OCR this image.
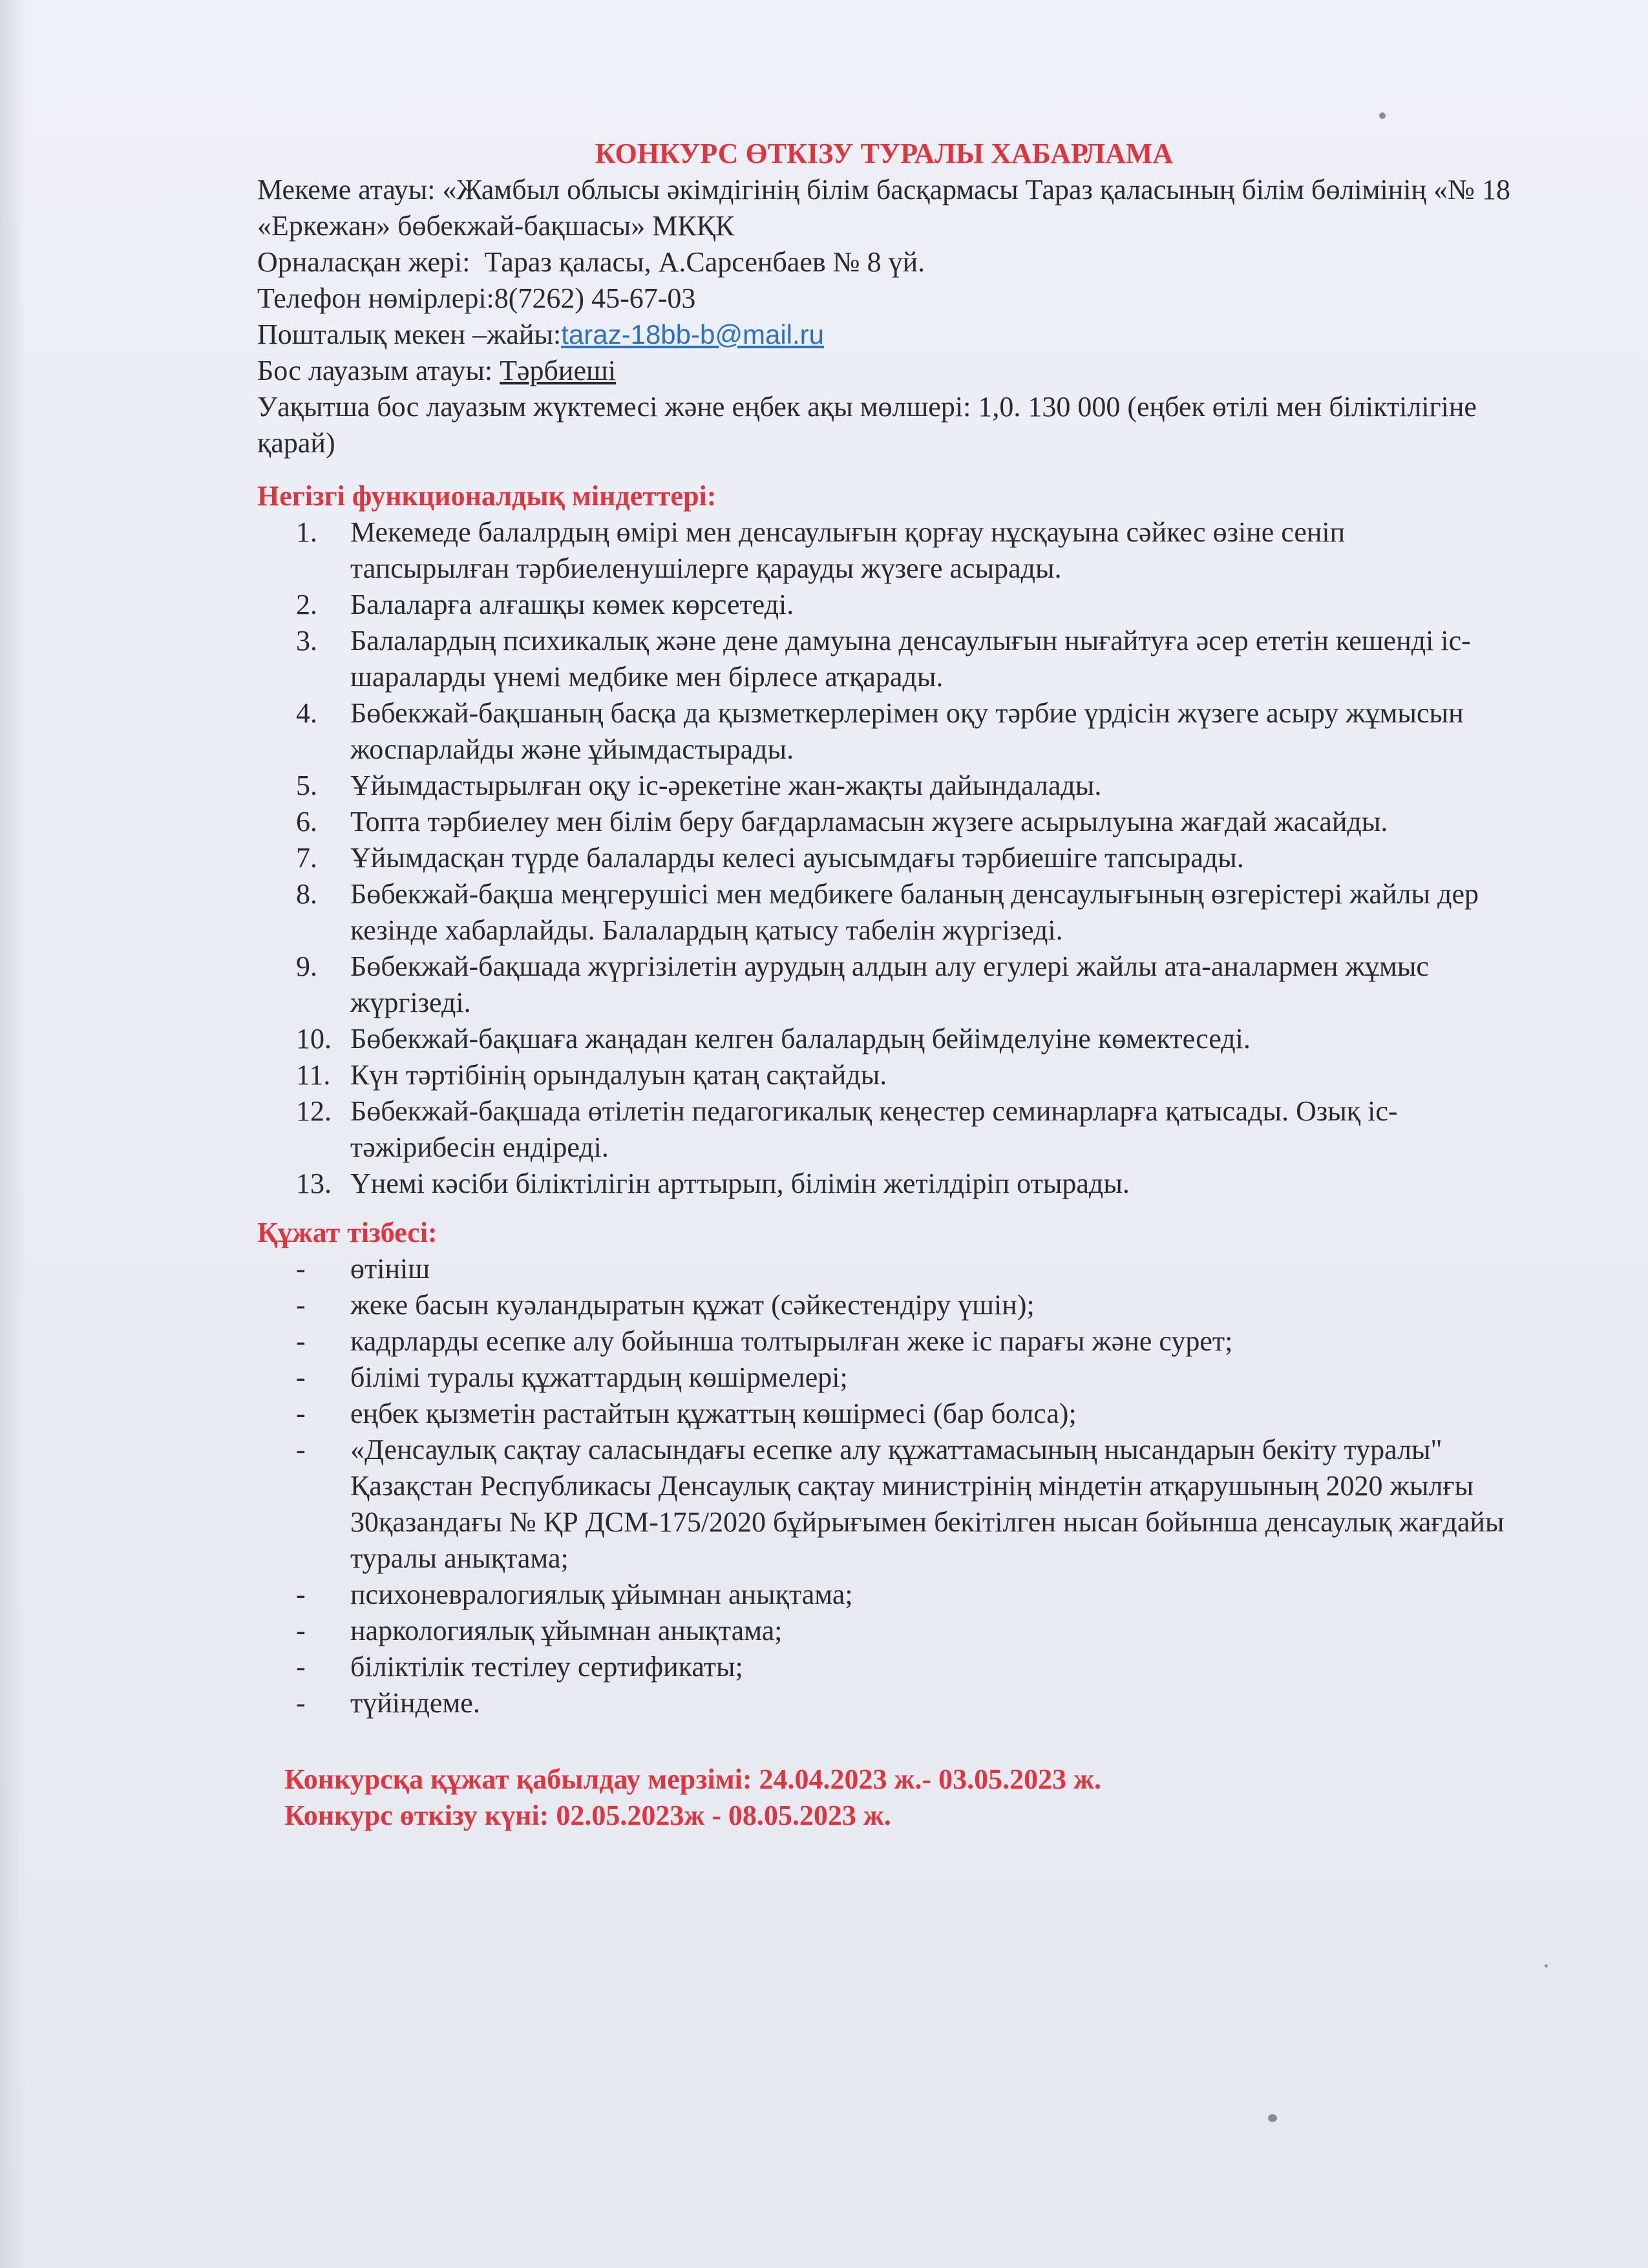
КОНКУРС ӨТКІЗУ ТУРАЛЫ ХАБАРЛАМА
Мекеме атауы: «Жамбыл облысы әкімдігінің білім басқармасы Тараз қаласының білім бөлімінің «№ 18 «Еркежан» бөбекжай-бақшасы» МКҚК
Орналасқан жері:  Тараз қаласы, А.Сарсенбаев № 8 үй.
Телефон нөмірлері:8(7262) 45-67-03
Пошталық мекен –жайы:taraz-18bb-b@mail.ru
Бос лауазым атауы: Тәрбиеші
Уақытша бос лауазым жүктемесі және еңбек ақы мөлшері: 1,0. 130 000 (еңбек өтілі мен біліктілігіне қарай)
Негізгі функционалдық міндеттері:
1.	Мекемеде балалрдың өмірі мен денсаулығын қорғау нұсқауына сәйкес өзіне сеніп тапсырылған тәрбиеленушілерге қарауды жүзеге асырады.
2.	Балаларға алғашқы көмек көрсетеді.
3.	Балалардың психикалық және дене дамуына денсаулығын нығайтуға әсер ететін кешенді іс-шараларды үнемі медбике мен бірлесе атқарады.
4.	Бөбекжай-бақшаның басқа да қызметкерлерімен оқу тәрбие үрдісін жүзеге асыру жұмысын жоспарлайды және ұйымдастырады.
5.	Ұйымдастырылған оқу іс-әрекетіне жан-жақты дайындалады.
6.	Топта тәрбиелеу мен білім беру бағдарламасын жүзеге асырылуына жағдай жасайды.
7.	Ұйымдасқан түрде балаларды келесі ауысымдағы тәрбиешіге тапсырады.
8.	Бөбекжай-бақша меңгерушісі мен медбикеге баланың денсаулығының өзгерістері жайлы дер кезінде хабарлайды. Балалардың қатысу табелін жүргізеді.
9.	Бөбекжай-бақшада жүргізілетін аурудың алдын алу егулері жайлы ата-аналармен жұмыс жүргізеді.
10. Бөбекжай-бақшаға жаңадан келген балалардың бейімделуіне көмектеседі.
11. Күн тәртібінің орындалуын қатаң сақтайды.
12. Бөбекжай-бақшада өтілетін педагогикалық кеңестер семинарларға қатысады. Озық іс-тәжірибесін ендіреді.
13. Үнемі кәсіби біліктілігін арттырып, білімін жетілдіріп отырады.
Құжат тізбесі:
- өтініш
- жеке басын куәландыратын құжат (сәйкестендіру үшін);
- кадрларды есепке алу бойынша толтырылған жеке іс парағы және сурет;
- білімі туралы құжаттардың көшірмелері;
- еңбек қызметін растайтын құжаттың көшірмесі (бар болса);
- «Денсаулық сақтау саласындағы есепке алу құжаттамасының нысандарын бекіту туралы" Қазақстан Республикасы Денсаулық сақтау министрінің міндетін атқарушының 2020 жылғы 30қазандағы № ҚР ДСМ-175/2020 бұйрығымен бекітілген нысан бойынша денсаулық жағдайы туралы анықтама;
- психоневралогиялық ұйымнан анықтама;
- наркологиялық ұйымнан анықтама;
- біліктілік тестілеу сертификаты;
- түйіндеме.
Конкурсқа құжат қабылдау мерзімі: 24.04.2023 ж.- 03.05.2023 ж.
Конкурс өткізу күні: 02.05.2023ж - 08.05.2023 ж.
